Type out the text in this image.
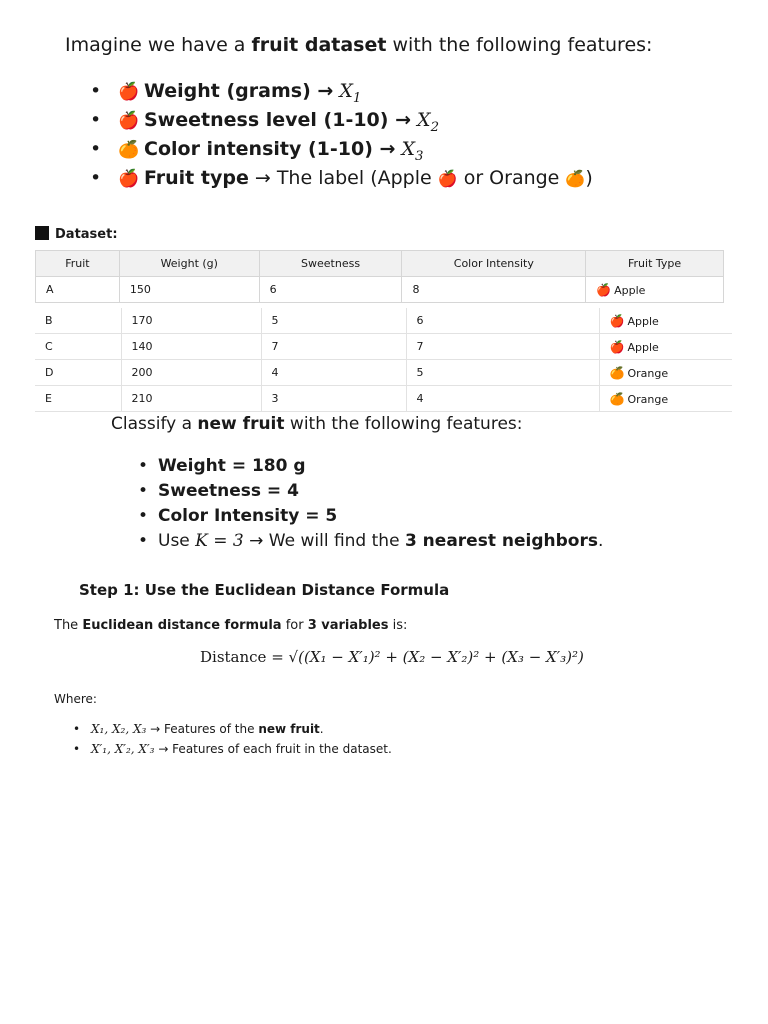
Imagine we have a fruit dataset with the following features:
• 🍎 Weight (grams) → $X_1$
• 🍎 Sweetness level $(1-10) \to X_2$
• 🍊 Color intensity $(1-10) \to X_3$
• 🍎 Fruit type → The label (Apple 🍎 or Orange 🍊)
Dataset:
Fruit	Weight (g)	Sweetness	Color Intensity	Fruit Type
A	150	6	8	🍎 Apple
B	170	5	6	🍎 Apple
C	140	7	7	🍎 Apple
D	200	4	5	🍊 Orange
E	210	3	4	🍊 Orange
Classify a new fruit with the following features:
• Weight = 180 g
• Sweetness = 4
• Color Intensity = 5
• Use K = 3 → We will find the 3 nearest neighbors.
Step 1: Use the Euclidean Distance Formula
The Euclidean distance formula for 3 variables is:
Distance = √((X₁ − X′₁)² + (X₂ − X′₂)² + (X₃ − X′₃)²)
Where:
• X₁, X₂, X₃ → Features of the new fruit.
• X′₁, X′₂, X′₃ → Features of each fruit in the dataset.
